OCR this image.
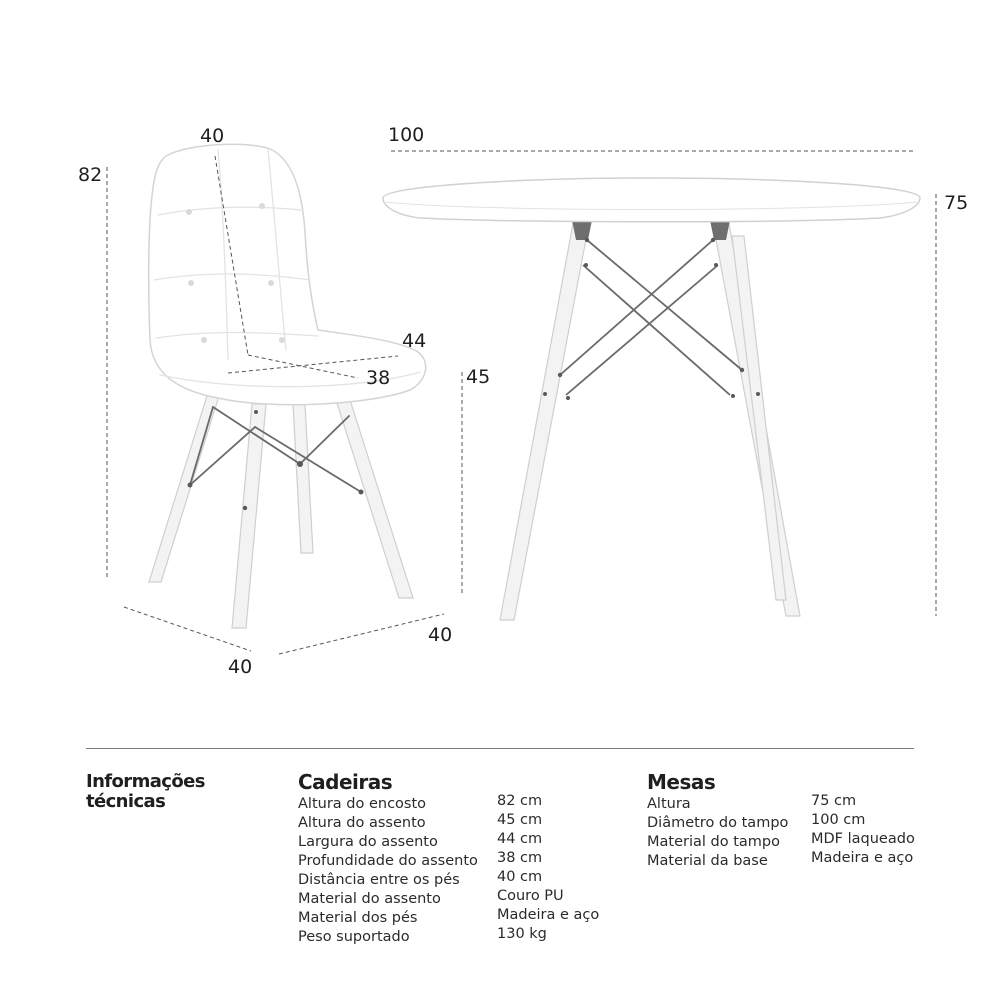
40
82
44
38	45
40
40
100
75
Informações
técnicas
Cadeiras
Altura do encosto	82 cm
Altura do assento	45 cm
Largura do assento	44 cm
Profundidade do assento 38 cm
Distância entre os pés	40 cm
Material do assento	Couro PU
Material dos pés	Madeira e aço
Peso suportado	130 kg
Mesas
Altura	75 cm
Diâmetro do tampo 100 cm
Material do tampo MDF laqueado
Material da base	Madeira e aço
